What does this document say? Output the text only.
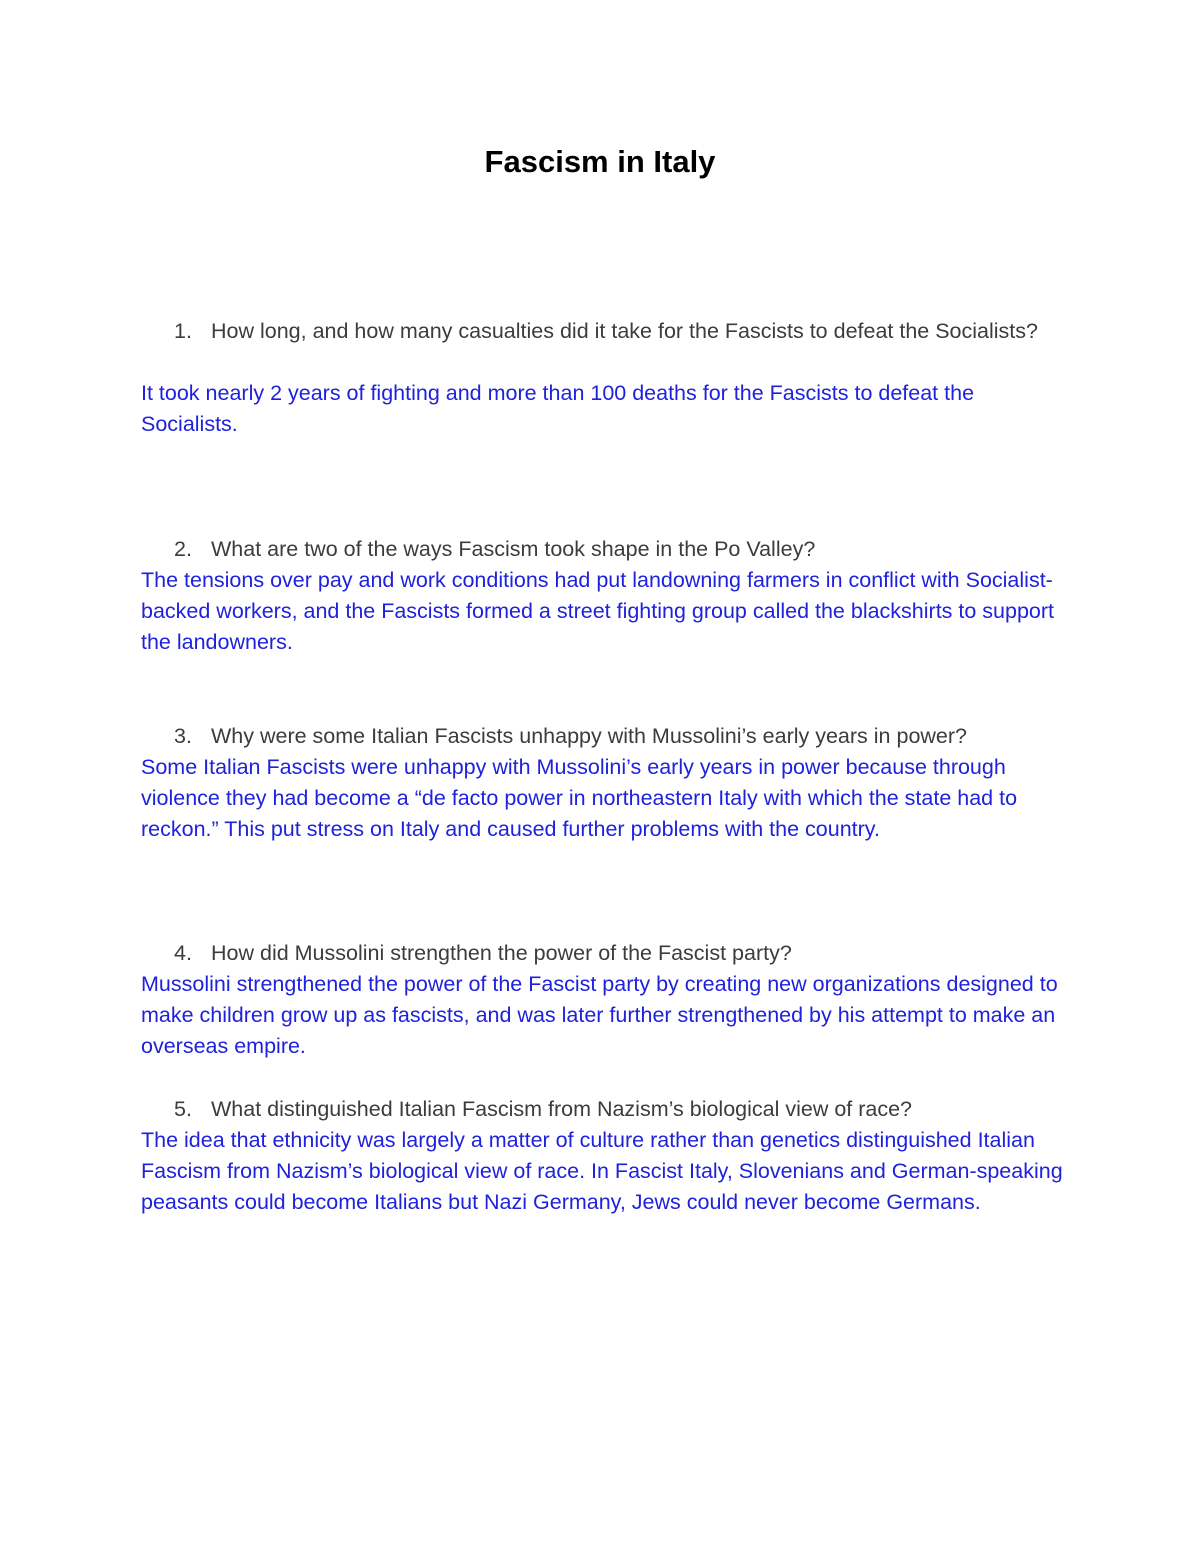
Fascism in Italy
1. How long, and how many casualties did it take for the Fascists to defeat the Socialists?

It took nearly 2 years of fighting and more than 100 deaths for the Fascists to defeat the Socialists.

2. What are two of the ways Fascism took shape in the Po Valley?

The tensions over pay and work conditions had put landowning farmers in conflict with Socialist-backed workers, and the Fascists formed a street fighting group called the blackshirts to support the landowners.

3. Why were some Italian Fascists unhappy with Mussolini’s early years in power?

Some Italian Fascists were unhappy with Mussolini’s early years in power because through violence they had become a “de facto power in northeastern Italy with which the state had to reckon.” This put stress on Italy and caused further problems with the country.

4. How did Mussolini strengthen the power of the Fascist party?

Mussolini strengthened the power of the Fascist party by creating new organizations designed to make children grow up as fascists, and was later further strengthened by his attempt to make an overseas empire.

5. What distinguished Italian Fascism from Nazism’s biological view of race?

The idea that ethnicity was largely a matter of culture rather than genetics distinguished Italian Fascism from Nazism’s biological view of race. In Fascist Italy, Slovenians and German-speaking peasants could become Italians but Nazi Germany, Jews could never become Germans.
